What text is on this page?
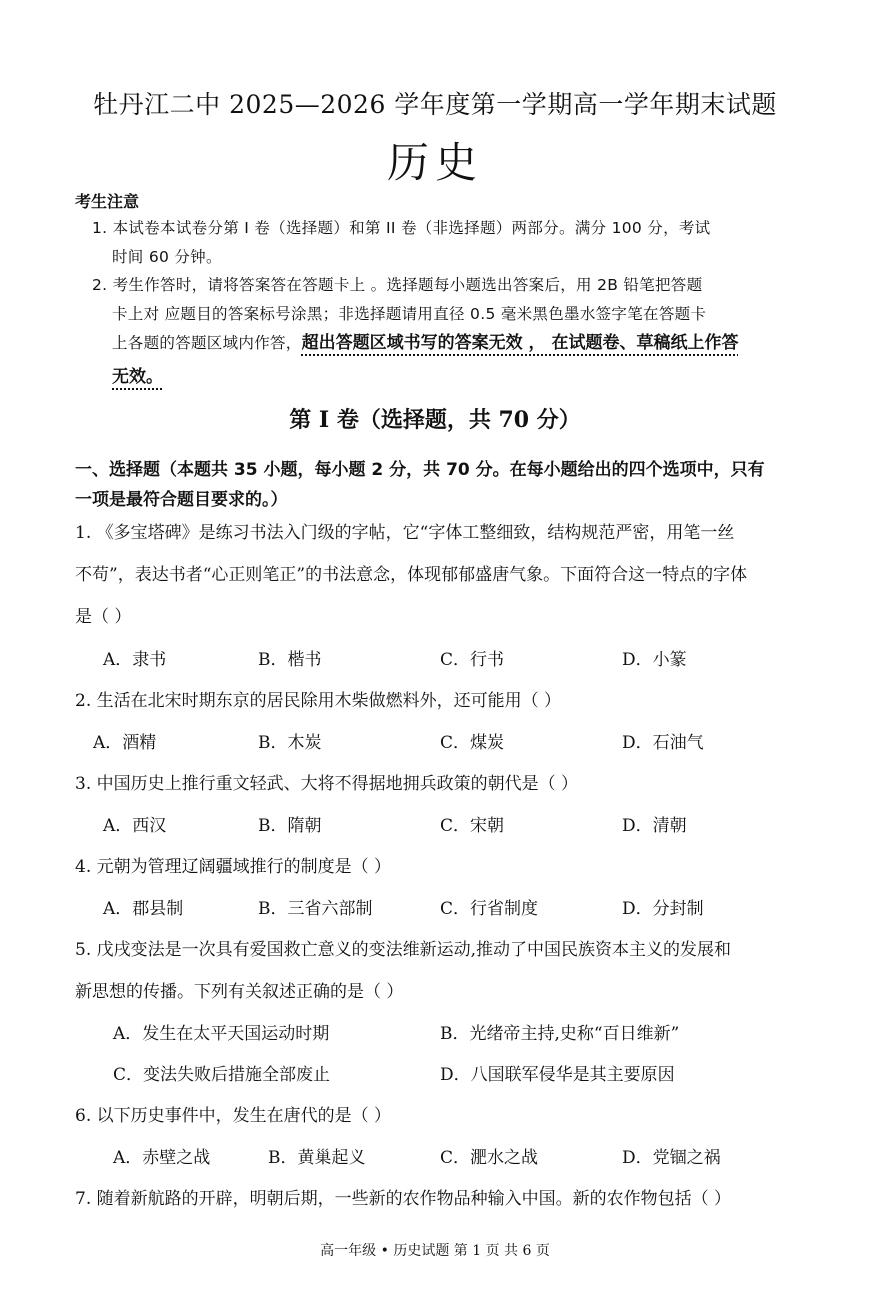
牡丹江二中 2025—2026 学年度第一学期高一学年期末试题
历史
考生注意
1. 本试卷本试卷分第 I 卷（选择题）和第 II 卷（非选择题）两部分。满分 100 分，考试
时间 60 分钟。
2. 考生作答时，请将答案答在答题卡上 。选择题每小题选出答案后，用 2B 铅笔把答题
卡上对 应题目的答案标号涂黑；非选择题请用直径 0.5 毫米黑色墨水签字笔在答题卡
上各题的答题区域内作答，超出答题区域书写的答案无效 ， 在试题卷、草稿纸上作答
无效。
第 I 卷（选择题，共 70 分）
一、选择题（本题共 35 小题，每小题 2 分，共 70 分。在每小题给出的四个选项中，只有
一项是最符合题目要求的。）
1. 《多宝塔碑》是练习书法入门级的字帖，它“字体工整细致，结构规范严密，用笔一丝
不苟”，表达书者“心正则笔正”的书法意念，体现郁郁盛唐气象。下面符合这一特点的字体
是（ ）
A．隶书	B．楷书	C．行书	D．小篆
2. 生活在北宋时期东京的居民除用木柴做燃料外，还可能用（ ）
A．酒精	B．木炭	C．煤炭	D．石油气
3. 中国历史上推行重文轻武、大将不得据地拥兵政策的朝代是（ ）
A．西汉	B．隋朝	C．宋朝	D．清朝
4. 元朝为管理辽阔疆域推行的制度是（ ）
A．郡县制	B．三省六部制	C．行省制度	D．分封制
5. 戊戌变法是一次具有爱国救亡意义的变法维新运动,推动了中国民族资本主义的发展和
新思想的传播。下列有关叙述正确的是（ ）
A．发生在太平天国运动时期	B．光绪帝主持,史称“百日维新”
C．变法失败后措施全部废止	D．八国联军侵华是其主要原因
6. 以下历史事件中，发生在唐代的是（ ）
A．赤壁之战	B．黄巢起义	C．淝水之战	D．党锢之祸
7. 随着新航路的开辟，明朝后期，一些新的农作物品种输入中国。新的农作物包括（ ）
高一年级 • 历史试题 第 1 页 共 6 页
